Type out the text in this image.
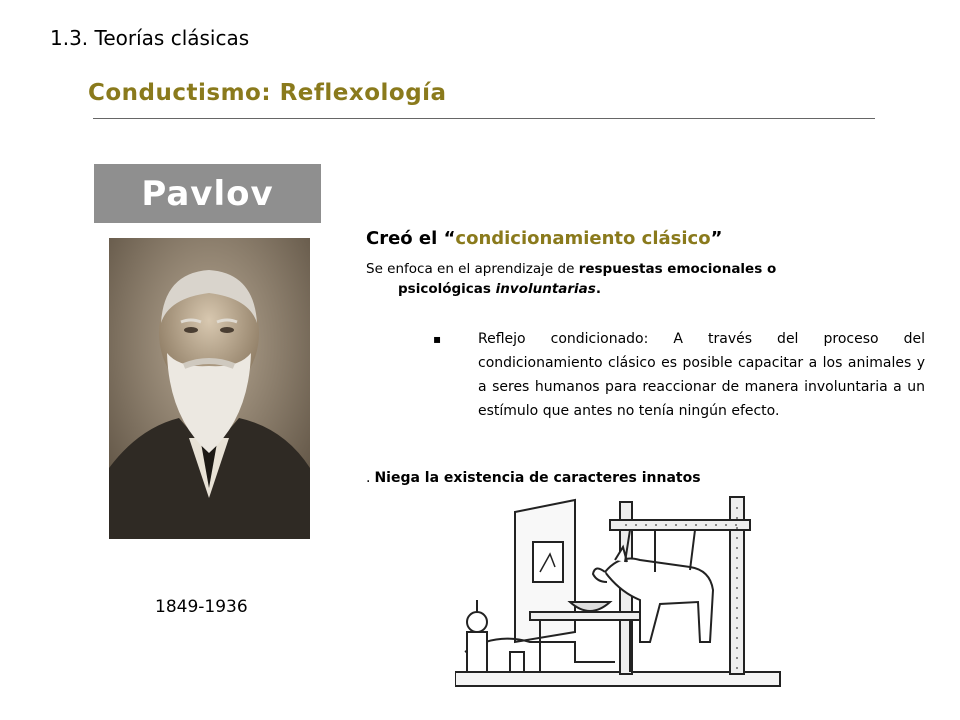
1.3. Teorías clásicas
Conductismo: Reflexología
Pavlov
1849-1936
Creó el “condicionamiento clásico”
Se enfoca en el aprendizaje de respuestas emocionales o
psicológicas involuntarias.
▪	Reflejo condicionado: A través del proceso del condicionamiento clásico es posible capacitar a los animales y a seres humanos para reaccionar de manera involuntaria a un estímulo que antes no tenía ningún efecto.
. Niega la existencia de caracteres innatos
